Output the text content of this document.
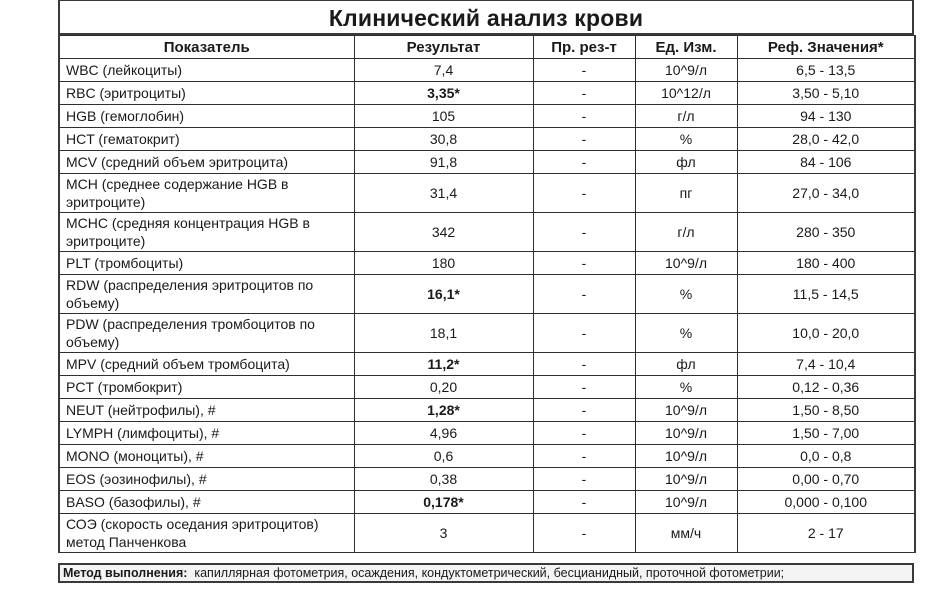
Клинический анализ крови
Показатель	Результат	Пр. рез-т	Ед. Изм.	Реф. Значения*
WBC (лейкоциты)	7,4	-	10^9/л	6,5 - 13,5
RBC (эритроциты)	3,35*	-	10^12/л	3,50 - 5,10
HGB (гемоглобин)	105	-	г/л	94 - 130
HCT (гематокрит)	30,8	-	%	28,0 - 42,0
MCV (средний объем эритроцита)	91,8	-	фл	84 - 106
MCH (среднее содержание HGB в эритроците)	31,4	-	пг	27,0 - 34,0
MCHC (средняя концентрация HGB в эритроците)	342	-	г/л	280 - 350
PLT (тромбоциты)	180	-	10^9/л	180 - 400
RDW (распределения эритроцитов по объему)	16,1*	-	%	11,5 - 14,5
PDW (распределения тромбоцитов по объему)	18,1	-	%	10,0 - 20,0
MPV (средний объем тромбоцита)	11,2*	-	фл	7,4 - 10,4
PCT (тромбокрит)	0,20	-	%	0,12 - 0,36
NEUT (нейтрофилы), #	1,28*	-	10^9/л	1,50 - 8,50
LYMPH (лимфоциты), #	4,96	-	10^9/л	1,50 - 7,00
MONO (моноциты), #	0,6	-	10^9/л	0,0 - 0,8
EOS (эозинофилы), #	0,38	-	10^9/л	0,00 - 0,70
BASO (базофилы), #	0,178*	-	10^9/л	0,000 - 0,100
СОЭ (скорость оседания эритроцитов) метод Панченкова	3	-	мм/ч	2 - 17
Метод выполнения: капиллярная фотометрия, осаждения, кондуктометрический, бесцианидный, проточной фотометрии;
